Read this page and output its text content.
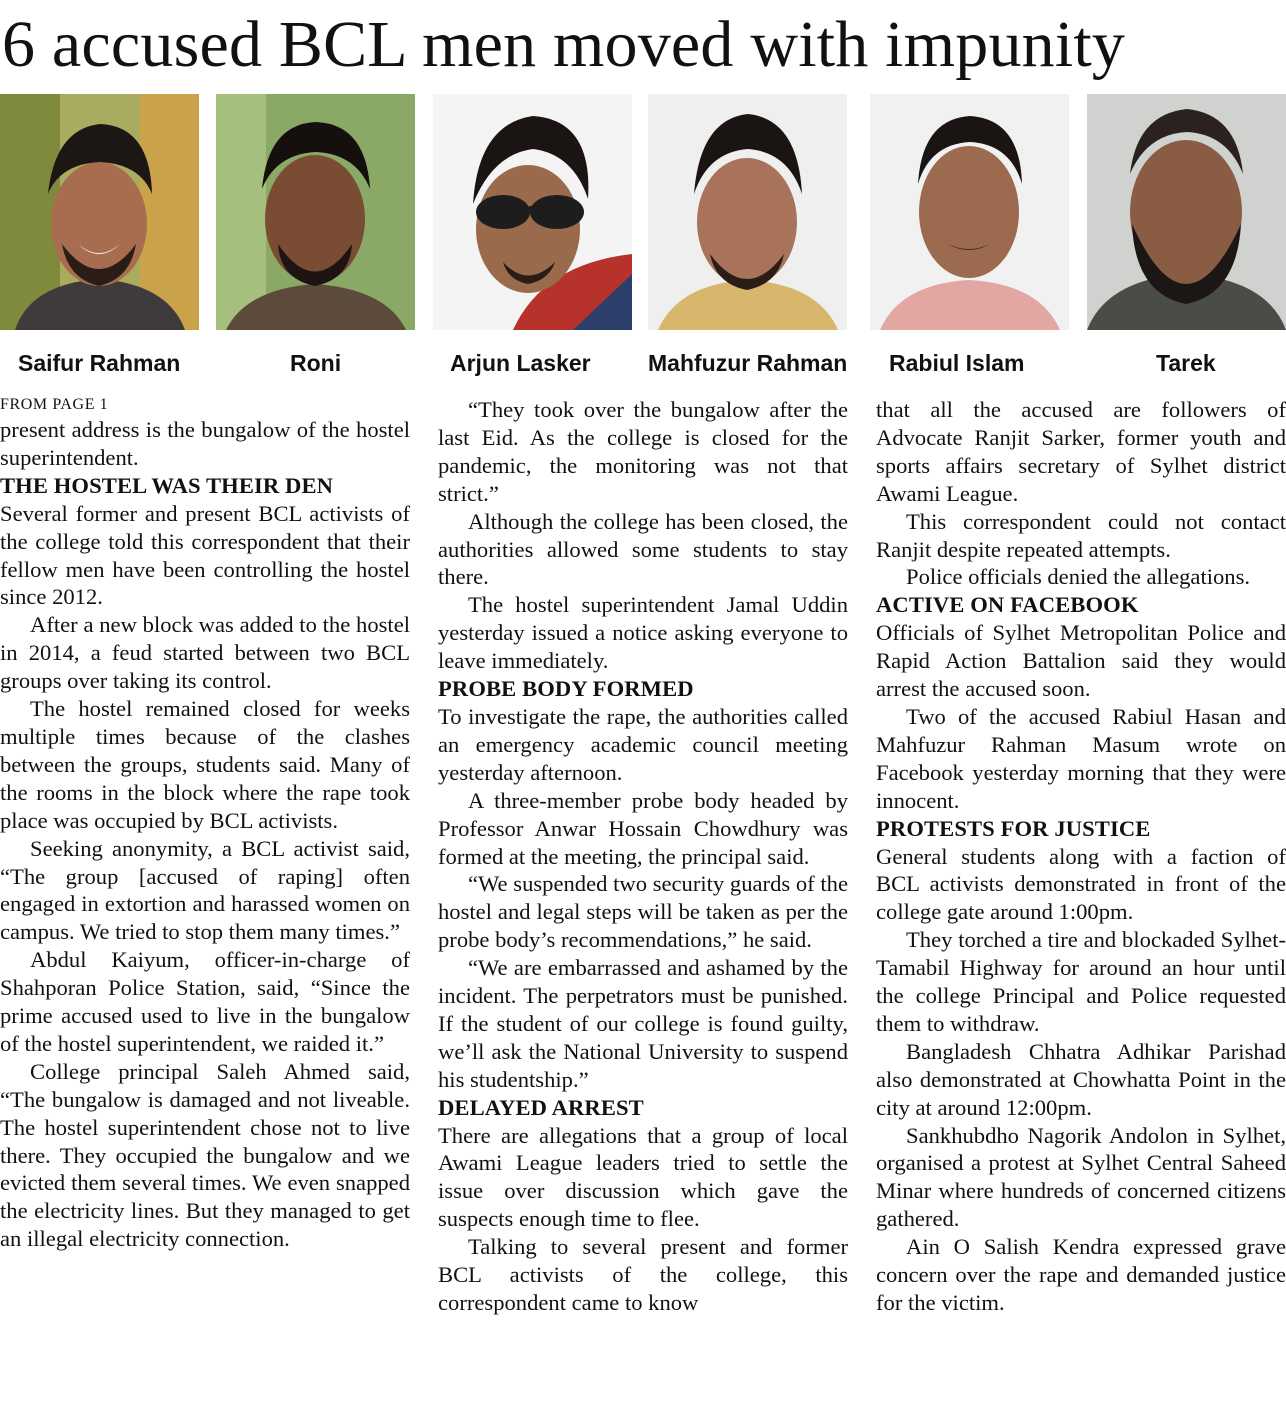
6 accused BCL men moved with impunity
Saifur Rahman	Roni	Arjun Lasker Mahfuzur Rahman Rabiul Islam	Tarek
FROM PAGE 1

present address is the bungalow of the hostel superintendent.

THE HOSTEL WAS THEIR DEN

Several former and present BCL activists of the college told this correspondent that their fellow men have been controlling the hostel since 2012.

After a new block was added to the hostel in 2014, a feud started between two BCL groups over taking its control.

The hostel remained closed for weeks multiple times because of the clashes between the groups, students said. Many of the rooms in the block where the rape took place was occupied by BCL activists.

Seeking anonymity, a BCL activist said, “The group [accused of raping] often engaged in extortion and harassed women on campus. We tried to stop them many times.”

Abdul Kaiyum, officer-in-charge of Shahporan Police Station, said, “Since the prime accused used to live in the bungalow of the hostel superintendent, we raided it.”

College principal Saleh Ahmed said, “The bungalow is damaged and not liveable. The hostel superintendent chose not to live there. They occupied the bungalow and we evicted them several times. We even snapped the electricity lines. But they managed to get an illegal electricity connection.

“They took over the bungalow after the last Eid. As the college is closed for the pandemic, the monitoring was not that strict.”

Although the college has been closed, the authorities allowed some students to stay there.

The hostel superintendent Jamal Uddin yesterday issued a notice asking everyone to leave immediately.

PROBE BODY FORMED

To investigate the rape, the authorities called an emergency academic council meeting yesterday afternoon.

A three-member probe body headed by Professor Anwar Hossain Chowdhury was formed at the meeting, the principal said.

“We suspended two security guards of the hostel and legal steps will be taken as per the probe body’s recommendations,” he said.

“We are embarrassed and ashamed by the incident. The perpetrators must be punished. If the student of our college is found guilty, we’ll ask the National University to suspend his studentship.”

DELAYED ARREST

There are allegations that a group of local Awami League leaders tried to settle the issue over discussion which gave the suspects enough time to flee.

Talking to several present and former BCL activists of the college, this correspondent came to know

that all the accused are followers of Advocate Ranjit Sarker, former youth and sports affairs secretary of Sylhet district Awami League.

This correspondent could not contact Ranjit despite repeated attempts.

Police officials denied the allegations.

ACTIVE ON FACEBOOK

Officials of Sylhet Metropolitan Police and Rapid Action Battalion said they would arrest the accused soon.

Two of the accused Rabiul Hasan and Mahfuzur Rahman Masum wrote on Facebook yesterday morning that they were innocent.

PROTESTS FOR JUSTICE

General students along with a faction of BCL activists demonstrated in front of the college gate around 1:00pm.

They torched a tire and blockaded Sylhet-Tamabil Highway for around an hour until the college Principal and Police requested them to withdraw.

Bangladesh Chhatra Adhikar Parishad also demonstrated at Chowhatta Point in the city at around 12:00pm.

Sankhubdho Nagorik Andolon in Sylhet, organised a protest at Sylhet Central Saheed Minar where hundreds of concerned citizens gathered.

Ain O Salish Kendra expressed grave concern over the rape and demanded justice for the victim.
